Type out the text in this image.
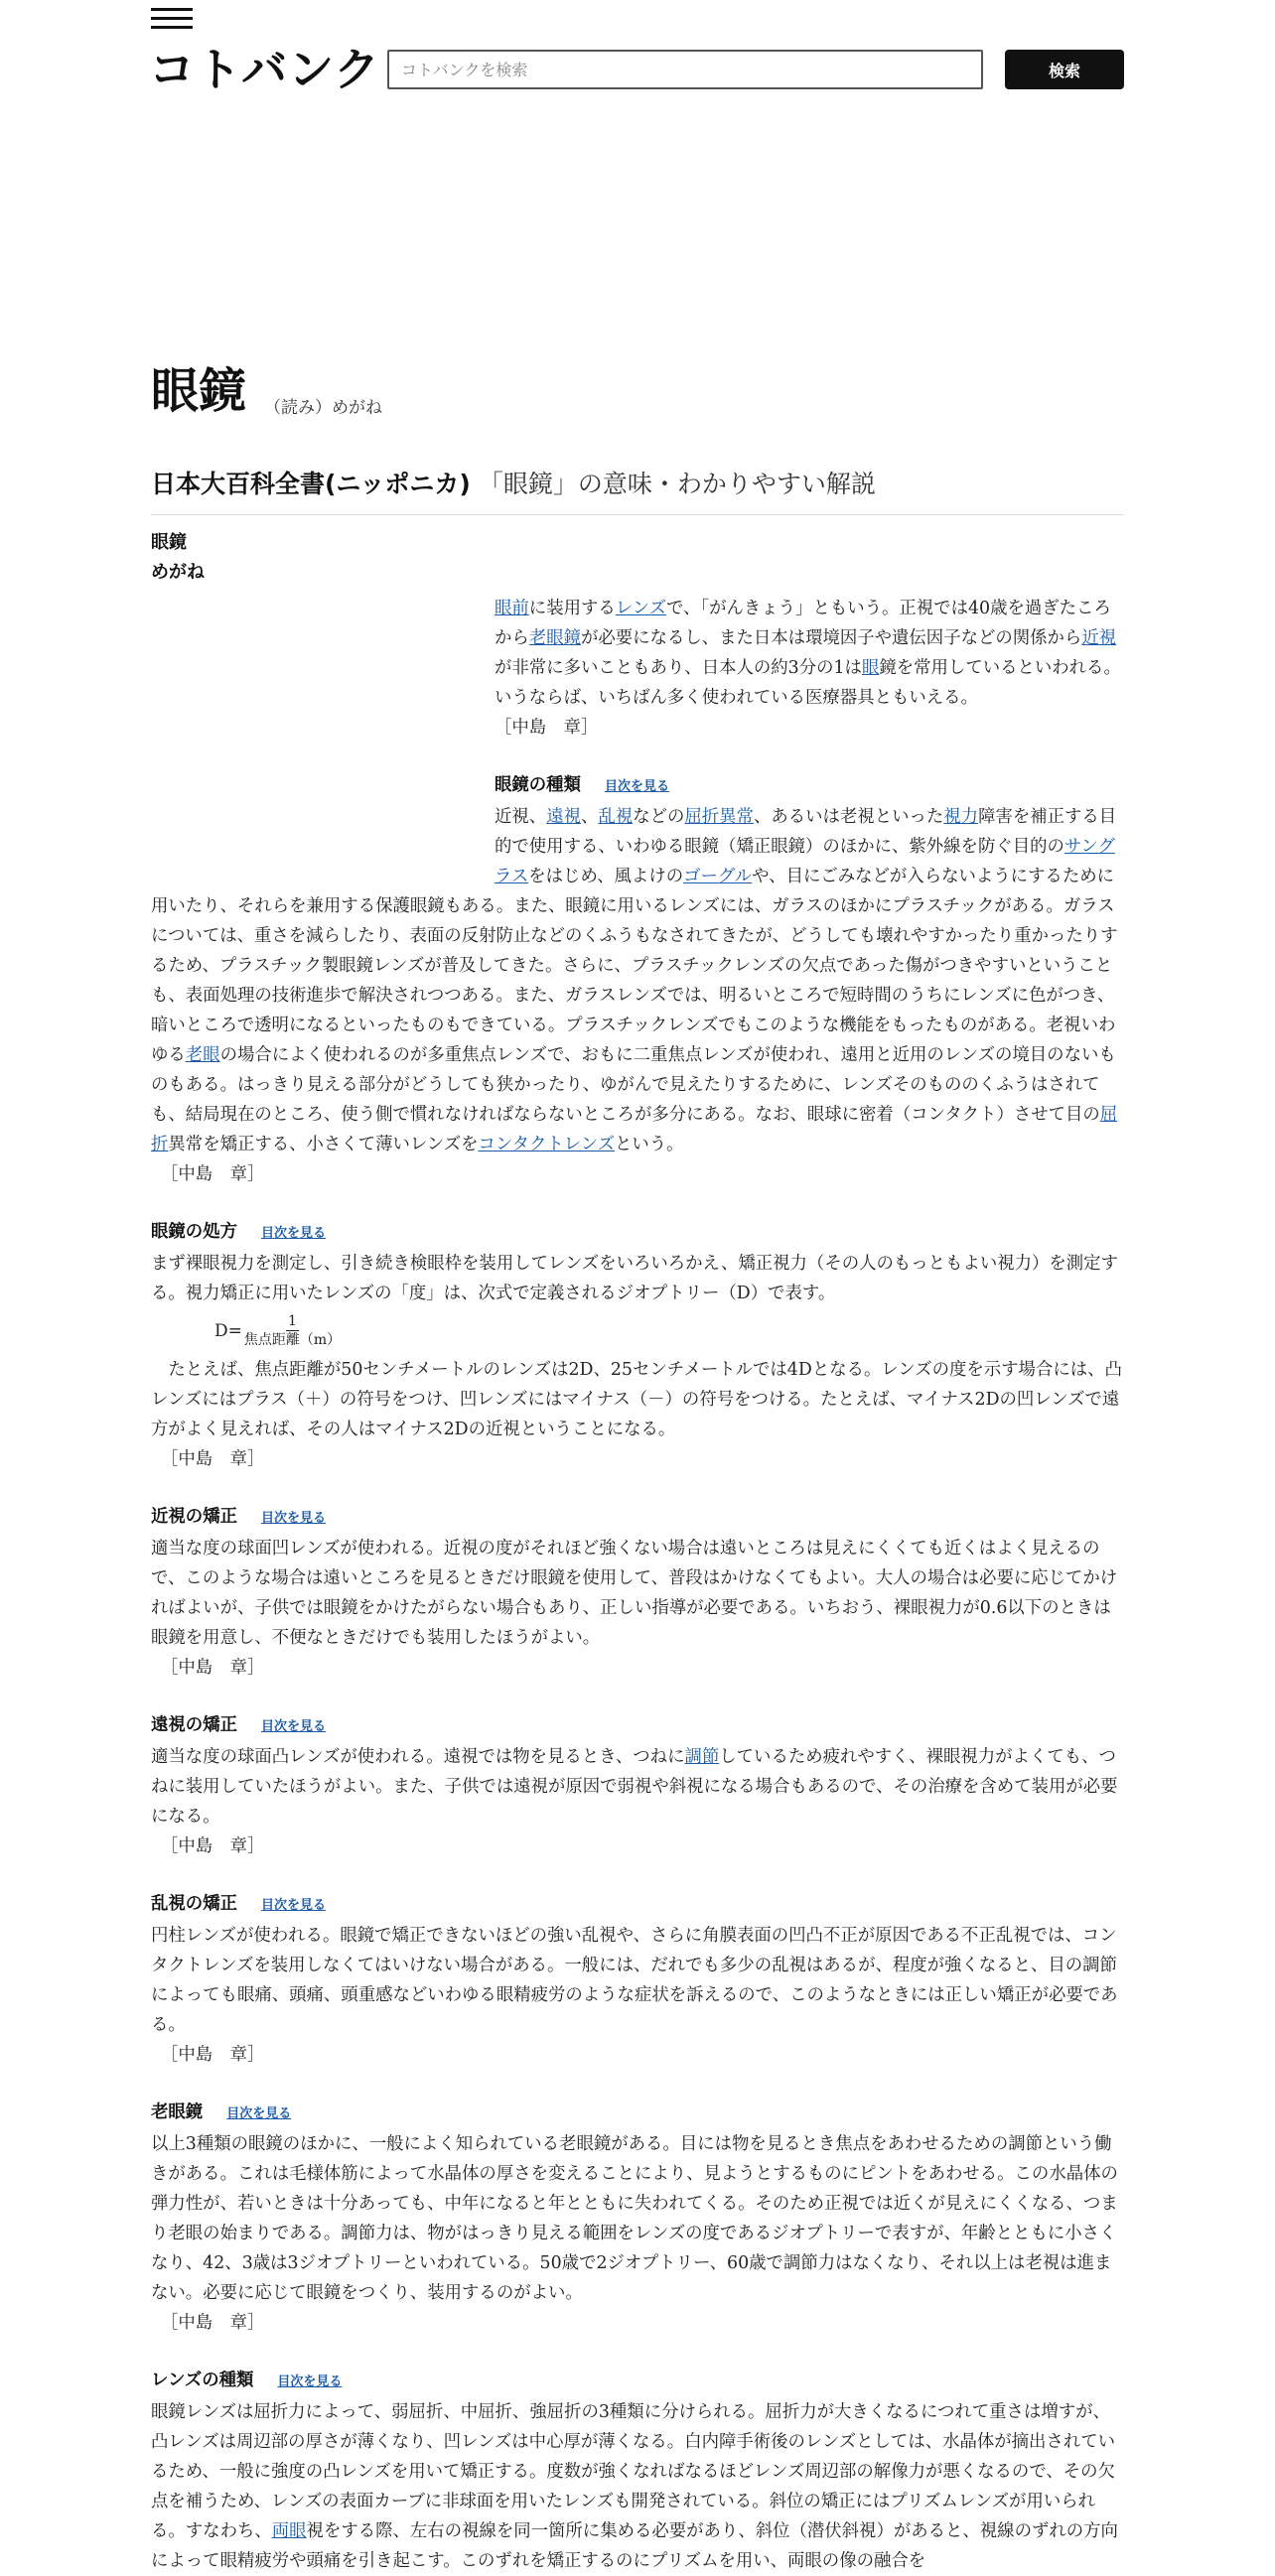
コトバンク
コトバンクを検索	検索
眼鏡 （読み）めがね
日本大百科全書(ニッポニカ) 「眼鏡」の意味・わかりやすい解説
眼鏡
めがね

眼前に装用するレンズで、「がんきょう」ともいう。正視では40歳を過ぎたころから老眼鏡が必要になるし、また日本は環境因子や遺伝因子などの関係から近視が非常に多いこともあり、日本人の約3分の1は眼鏡を常用しているといわれる。いうならば、いちばん多く使われている医療器具ともいえる。

［中島　章］
眼鏡の種類 目次を見る

近視、遠視、乱視などの屈折異常、あるいは老視といった視力障害を補正する目的で使用する、いわゆる眼鏡（矯正眼鏡）のほかに、紫外線を防ぐ目的のサングラスをはじめ、風よけのゴーグルや、目にごみなどが入らないようにするために用いたり、それらを兼用する保護眼鏡もある。また、眼鏡に用いるレンズには、ガラスのほかにプラスチックがある。ガラスについては、重さを減らしたり、表面の反射防止などのくふうもなされてきたが、どうしても壊れやすかったり重かったりするため、プラスチック製眼鏡レンズが普及してきた。さらに、プラスチックレンズの欠点であった傷がつきやすいということも、表面処理の技術進歩で解決されつつある。また、ガラスレンズでは、明るいところで短時間のうちにレンズに色がつき、暗いところで透明になるといったものもできている。プラスチックレンズでもこのような機能をもったものがある。老視いわゆる老眼の場合によく使われるのが多重焦点レンズで、おもに二重焦点レンズが使われ、遠用と近用のレンズの境目のないものもある。はっきり見える部分がどうしても狭かったり、ゆがんで見えたりするために、レンズそのもののくふうはされても、結局現在のところ、使う側で慣れなければならないところが多分にある。なお、眼球に密着（コンタクト）させて目の屈折異常を矯正する、小さくて薄いレンズをコンタクトレンズという。

［中島　章］
眼鏡の処方 目次を見る

まず裸眼視力を測定し、引き続き検眼枠を装用してレンズをいろいろかえ、矯正視力（その人のもっともよい視力）を測定する。視力矯正に用いたレンズの「度」は、次式で定義されるジオプトリー（D）で表す。

$D= \frac{1}{\text{焦点距離（m）}}$

　たとえば、焦点距離が50センチメートルのレンズは2D、25センチメートルでは4Dとなる。レンズの度を示す場合には、凸レンズにはプラス（＋）の符号をつけ、凹レンズにはマイナス（－）の符号をつける。たとえば、マイナス2Dの凹レンズで遠方がよく見えれば、その人はマイナス2Dの近視ということになる。

［中島　章］
近視の矯正 目次を見る

適当な度の球面凹レンズが使われる。近視の度がそれほど強くない場合は遠いところは見えにくくても近くはよく見えるので、このような場合は遠いところを見るときだけ眼鏡を使用して、普段はかけなくてもよい。大人の場合は必要に応じてかければよいが、子供では眼鏡をかけたがらない場合もあり、正しい指導が必要である。いちおう、裸眼視力が0.6以下のときは眼鏡を用意し、不便なときだけでも装用したほうがよい。

［中島　章］
遠視の矯正 目次を見る

適当な度の球面凸レンズが使われる。遠視では物を見るとき、つねに調節しているため疲れやすく、裸眼視力がよくても、つねに装用していたほうがよい。また、子供では遠視が原因で弱視や斜視になる場合もあるので、その治療を含めて装用が必要になる。

［中島　章］
乱視の矯正 目次を見る

円柱レンズが使われる。眼鏡で矯正できないほどの強い乱視や、さらに角膜表面の凹凸不正が原因である不正乱視では、コンタクトレンズを装用しなくてはいけない場合がある。一般には、だれでも多少の乱視はあるが、程度が強くなると、目の調節によっても眼痛、頭痛、頭重感などいわゆる眼精疲労のような症状を訴えるので、このようなときには正しい矯正が必要である。

［中島　章］
老眼鏡 目次を見る

以上3種類の眼鏡のほかに、一般によく知られている老眼鏡がある。目には物を見るとき焦点をあわせるための調節という働きがある。これは毛様体筋によって水晶体の厚さを変えることにより、見ようとするものにピントをあわせる。この水晶体の弾力性が、若いときは十分あっても、中年になると年とともに失われてくる。そのため正視では近くが見えにくくなる、つまり老眼の始まりである。調節力は、物がはっきり見える範囲をレンズの度であるジオプトリーで表すが、年齢とともに小さくなり、42、3歳は3ジオプトリーといわれている。50歳で2ジオプトリー、60歳で調節力はなくなり、それ以上は老視は進まない。必要に応じて眼鏡をつくり、装用するのがよい。

［中島　章］
レンズの種類 目次を見る

眼鏡レンズは屈折力によって、弱屈折、中屈折、強屈折の3種類に分けられる。屈折力が大きくなるにつれて重さは増すが、凸レンズは周辺部の厚さが薄くなり、凹レンズは中心厚が薄くなる。白内障手術後のレンズとしては、水晶体が摘出されているため、一般に強度の凸レンズを用いて矯正する。度数が強くなればなるほどレンズ周辺部の解像力が悪くなるので、その欠点を補うため、レンズの表面カーブに非球面を用いたレンズも開発されている。斜位の矯正にはプリズムレンズが用いられる。すなわち、両眼視をする際、左右の視線を同一箇所に集める必要があり、斜位（潜伏斜視）があると、視線のずれの方向によって眼精疲労や頭痛を引き起こす。このずれを矯正するのにプリズムを用い、両眼の像の融合を
